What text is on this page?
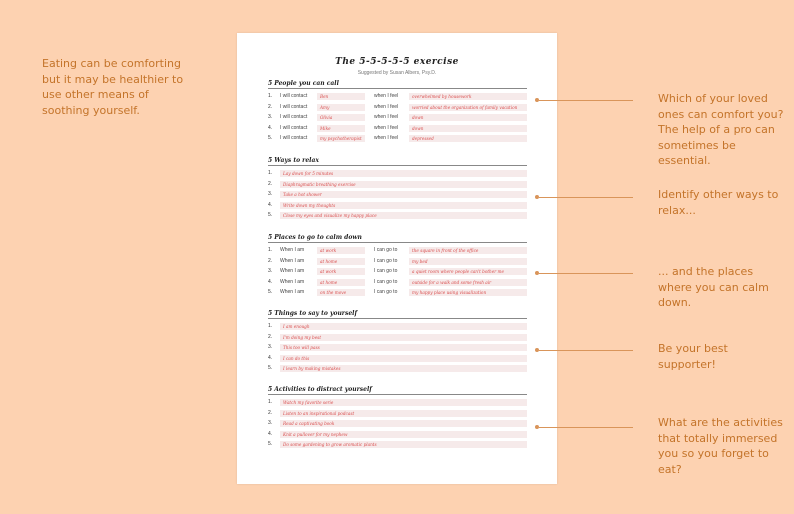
Eating can be comforting but it may be healthier to use other means of soothing yourself.
The 5-5-5-5-5 exercise
Suggested by Susan Albers, Psy.D.
5 People you can call
1.	I will contact	Ben	when I feel	overwhelmed by housework
2.	I will contact	Amy	when I feel	worried about the organization of family vacation
3.	I will contact	Olivia	when I feel	down
4.	I will contact	Mike	when I feel	down
5.	I will contact	my psychotherapist	when I feel	depressed
5 Ways to relax
1.	Lay down for 5 minutes
2.	Diaphragmatic breathing exercise
3.	Take a hot shower
4.	Write down my thoughts
5.	Close my eyes and visualize my happy place
5 Places to go to calm down
1.	When I am	at work	I can go to	the square in front of the office
2.	When I am	at home	I can go to	my bed
3.	When I am	at work	I can go to	a quiet room where people can't bother me
4.	When I am	at home	I can go to	outside for a walk and some fresh air
5.	When I am	on the move	I can go to	my happy place using visualization
5 Things to say to yourself
1.	I am enough
2.	I'm doing my best
3.	This too will pass
4.	I can do this
5.	I learn by making mistakes
5 Activities to distract yourself
1.	Watch my favorite serie
2.	Listen to an inspirational podcast
3.	Read a captivating book
4.	Knit a pullover for my nephew
5.	Do some gardening to grow aromatic plants
Which of your loved ones can comfort you? The help of a pro can sometimes be essential.
Identify other ways to relax...
... and the places where you can calm down.
Be your best supporter!
What are the activities that totally immersed you so you forget to eat?
